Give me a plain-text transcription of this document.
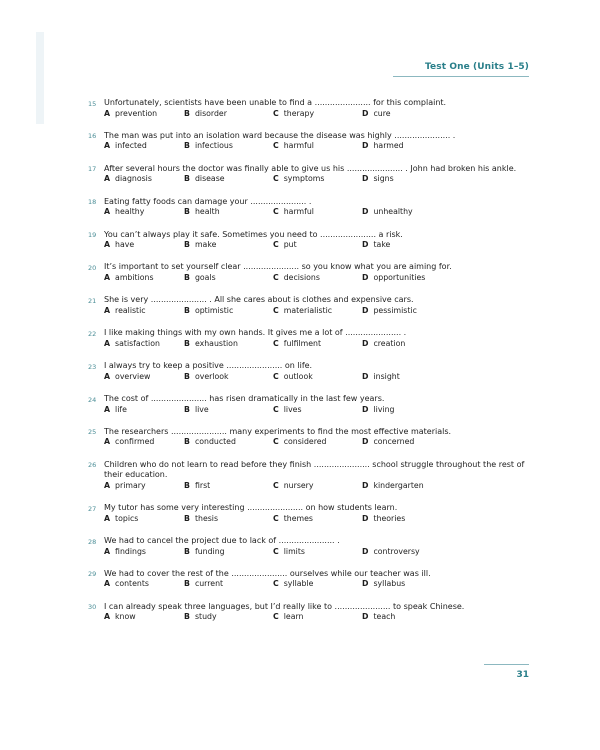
Test One (Units 1–5)
15 Unfortunately, scientists have been unable to find a ...................... for this complaint.
A prevention	B disorder	C therapy	D cure
16 The man was put into an isolation ward because the disease was highly ...................... .
A infected	B infectious	C harmful	D harmed
17 After several hours the doctor was finally able to give us his ...................... . John had broken his ankle.
A diagnosis	B disease	C symptoms	D signs
18 Eating fatty foods can damage your ...................... .
A healthy	B health	C harmful	D unhealthy
19 You can’t always play it safe. Sometimes you need to ...................... a risk.
A have	B make	C put	D take
20 It’s important to set yourself clear ...................... so you know what you are aiming for.
A ambitions	B goals	C decisions	D opportunities
21 She is very ...................... . All she cares about is clothes and expensive cars.
A realistic	B optimistic	C materialistic	D pessimistic
22 I like making things with my own hands. It gives me a lot of ...................... .
A satisfaction	B exhaustion	C fulfilment	D creation
23 I always try to keep a positive ...................... on life.
A overview	B overlook	C outlook	D insight
24 The cost of ...................... has risen dramatically in the last few years.
A life	B live	C lives	D living
25 The researchers ...................... many experiments to find the most effective materials.
A confirmed	B conducted	C considered	D concerned
26 Children who do not learn to read before they finish ...................... school struggle throughout the rest of their education.
A primary	B first	C nursery	D kindergarten
27 My tutor has some very interesting ...................... on how students learn.
A topics	B thesis	C themes	D theories
28 We had to cancel the project due to lack of ...................... .
A findings	B funding	C limits	D controversy
29 We had to cover the rest of the ...................... ourselves while our teacher was ill.
A contents	B current	C syllable	D syllabus
30 I can already speak three languages, but I’d really like to ...................... to speak Chinese.
A know	B study	C learn	D teach
31
